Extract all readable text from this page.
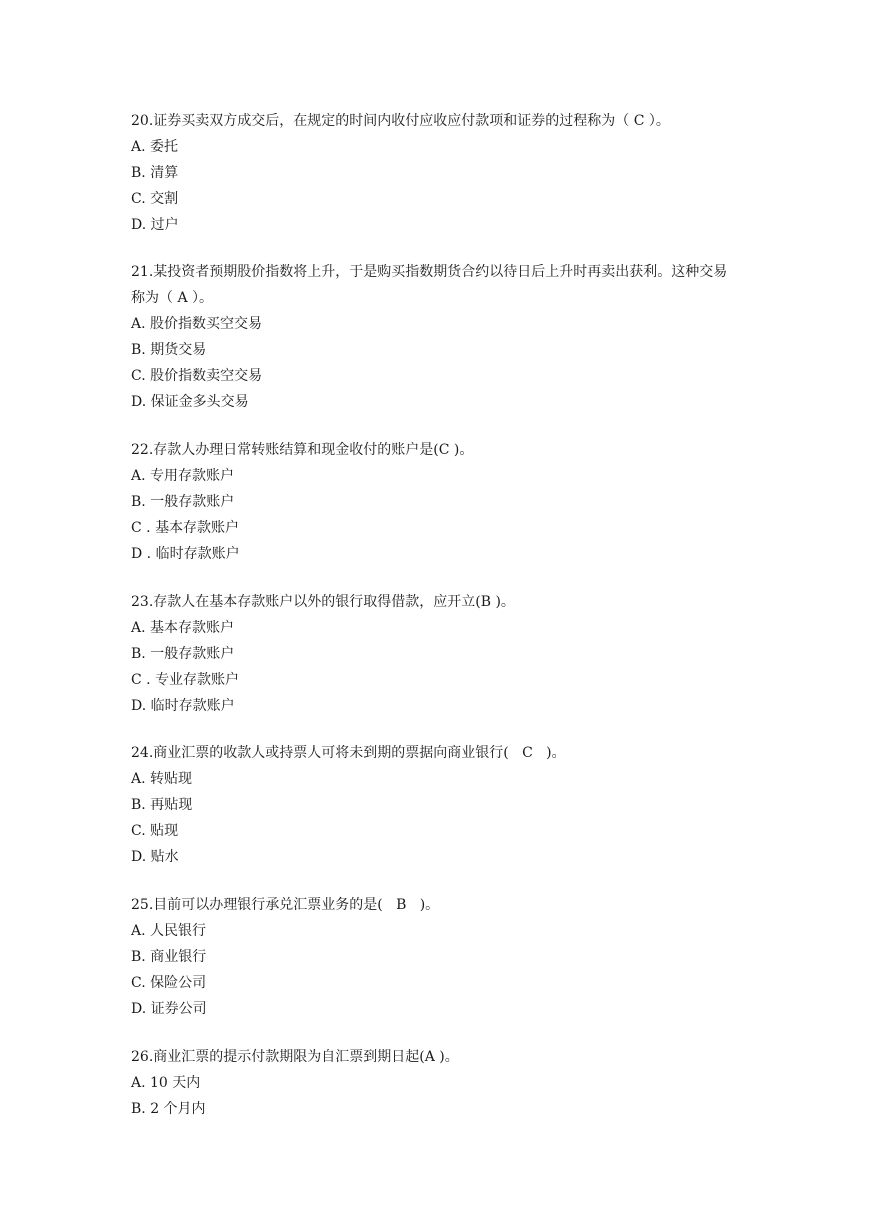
20.证券买卖双方成交后，在规定的时间内收付应收应付款项和证券的过程称为（ C ）。

A. 委托

B. 清算

C. 交割

D. 过户

21.某投资者预期股价指数将上升，于是购买指数期货合约以待日后上升时再卖出获利。这种交易称为（ A ）。

A. 股价指数买空交易

B. 期货交易

C. 股价指数卖空交易

D. 保证金多头交易

22.存款人办理日常转账结算和现金收付的账户是(C )。

A. 专用存款账户

B. 一般存款账户

C . 基本存款账户

D . 临时存款账户

23.存款人在基本存款账户以外的银行取得借款，应开立(B )。

A. 基本存款账户

B. 一般存款账户

C . 专业存款账户

D. 临时存款账户

24.商业汇票的收款人或持票人可将未到期的票据向商业银行(   C   )。

A. 转贴现

B. 再贴现

C. 贴现

D. 贴水

25.目前可以办理银行承兑汇票业务的是(   B   )。

A. 人民银行

B. 商业银行

C. 保险公司

D. 证券公司

26.商业汇票的提示付款期限为自汇票到期日起(A )。

A. 10 天内

B. 2 个月内
